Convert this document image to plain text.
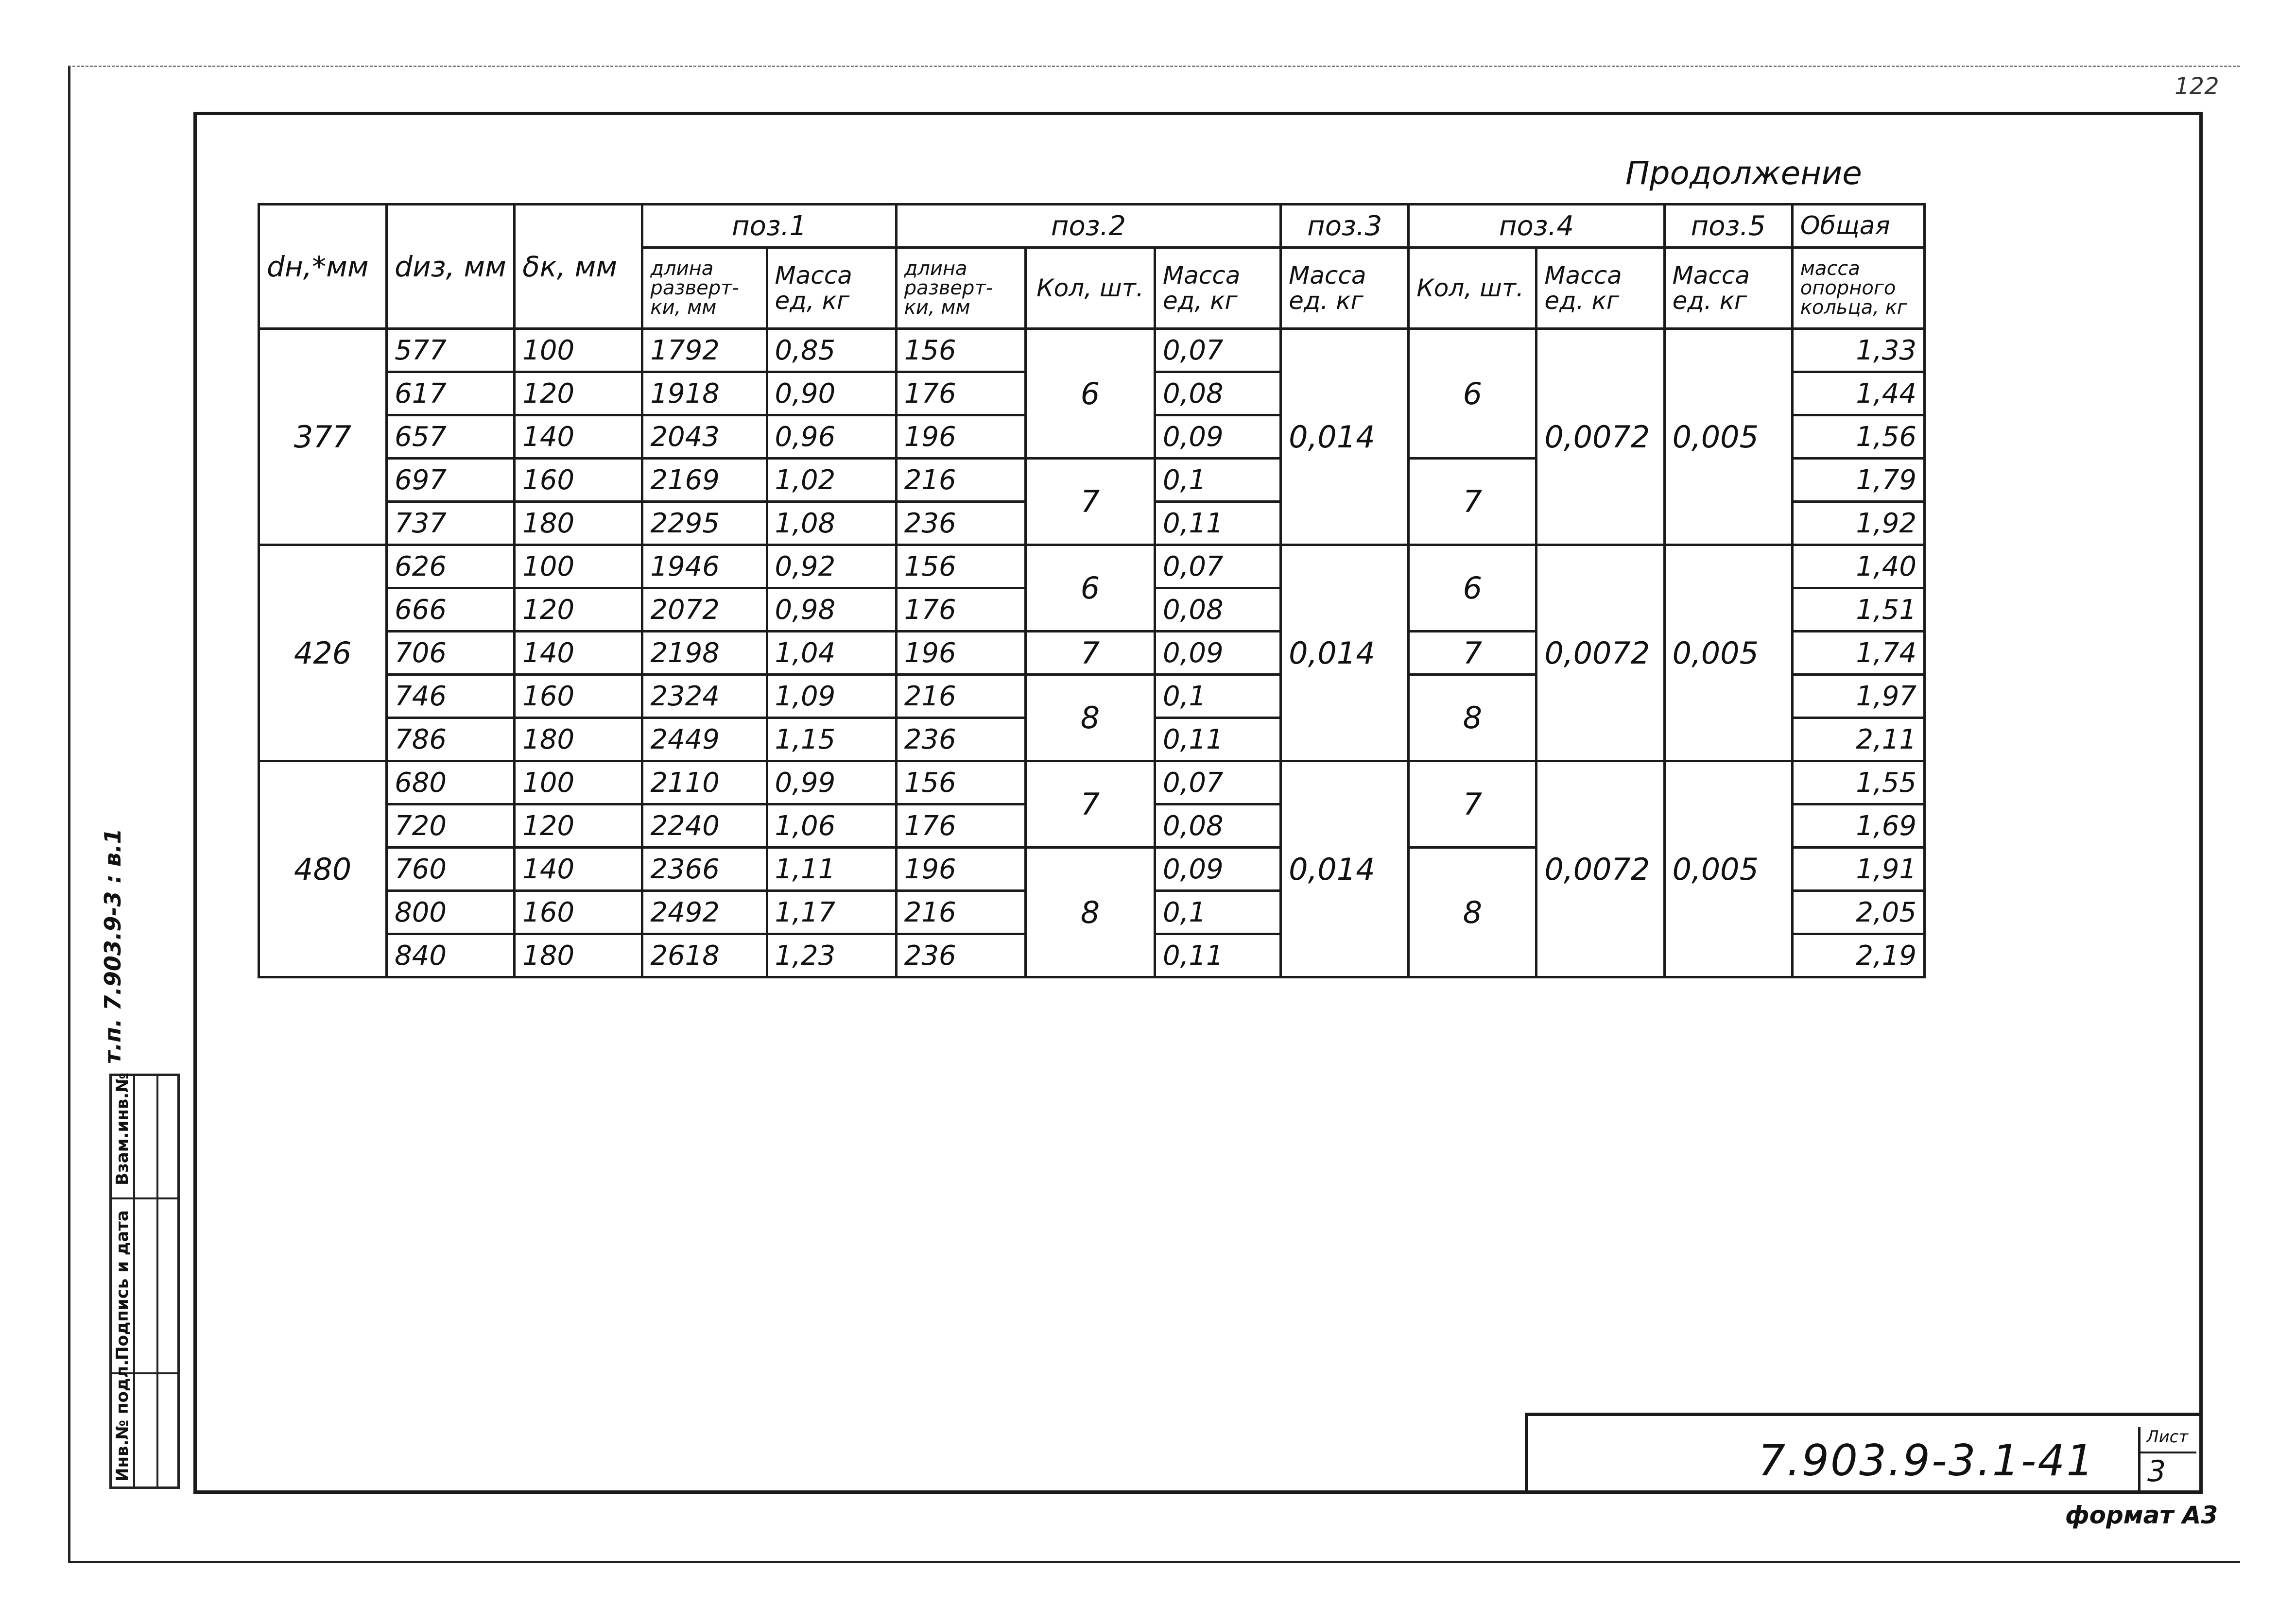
122
Продолжение
dн,*мм	dиз, мм	δк, мм	поз.1		поз.2			поз.3	поз.4		поз.5	Общая
			длина разверт-ки, мм	Масса ед, кг	длина разверт-ки, мм	Кол, шт.	Масса ед, кг	Масса ед. кг	Кол, шт.	Масса ед. кг	Масса ед. кг	масса опорного кольца, кг
377	577	100	1792	0,85	156	6	0,07	0,014	6	0,0072	0,005	1,33
	617	120	1918	0,90	176		0,08					1,44
	657	140	2043	0,96	196		0,09					1,56
	697	160	2169	1,02	216	7	0,1		7			1,79
	737	180	2295	1,08	236		0,11					1,92
426	626	100	1946	0,92	156	6	0,07	0,014	6	0,0072	0,005	1,40
	666	120	2072	0,98	176		0,08					1,51
	706	140	2198	1,04	196	7	0,09		7			1,74
	746	160	2324	1,09	216	8	0,1		8			1,97
	786	180	2449	1,15	236		0,11					2,11
480	680	100	2110	0,99	156	7	0,07	0,014	7	0,0072	0,005	1,55
	720	120	2240	1,06	176		0,08					1,69
	760	140	2366	1,11	196	8	0,09		8			1,91
	800	160	2492	1,17	216		0,1					2,05
	840	180	2618	1,23	236		0,11					2,19
т.п. 7.903.9-3 : в.1
Инв.№ подл.
Подпись и дата
Взам.инв.№
7.903.9-3.1-41	Лист
3
формат А3
